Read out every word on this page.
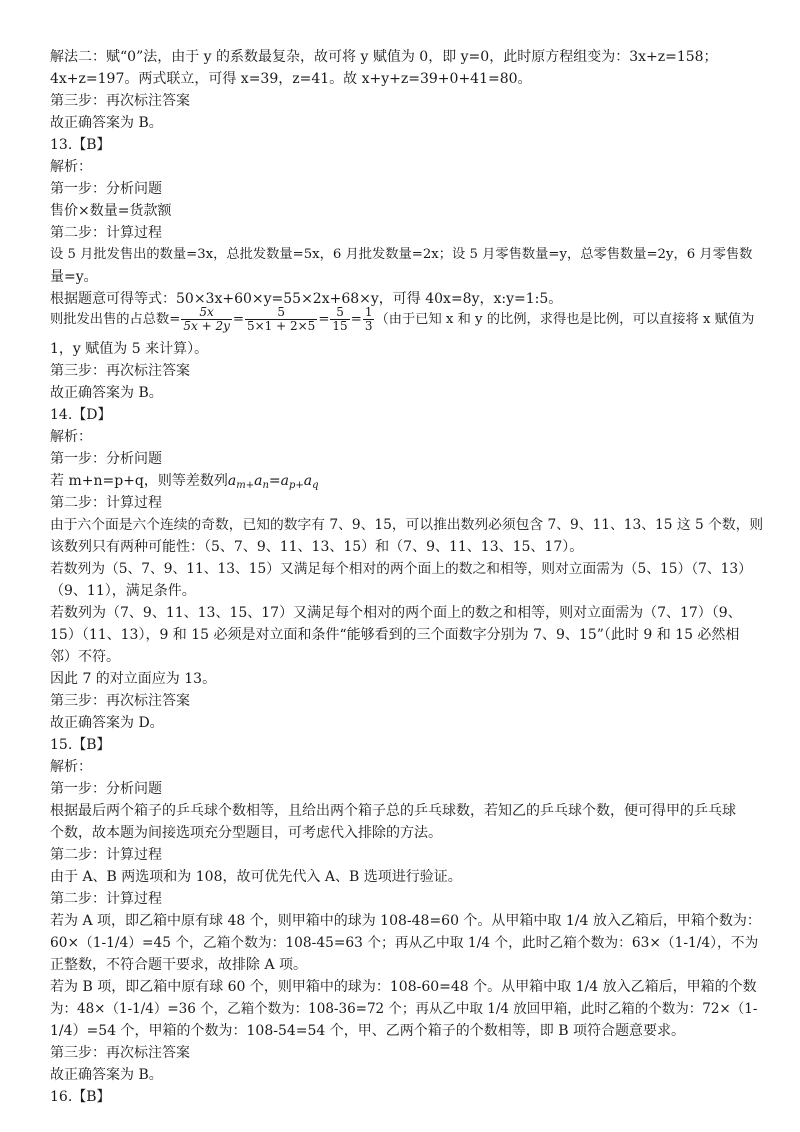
解法二：赋“0”法，由于 y 的系数最复杂，故可将 y 赋值为 0，即 y=0，此时原方程组变为：3x+z=158；
4x+z=197。两式联立，可得 x=39，z=41。故 x+y+z=39+0+41=80。
第三步：再次标注答案
故正确答案为 B。
13.【B】
解析：
第一步：分析问题
售价×数量=货款额
第二步：计算过程
设 5 月批发售出的数量=3x，总批发数量=5x，6 月批发数量=2x；设 5 月零售数量=y，总零售数量=2y，6 月零售数
量=y。
根据题意可得等式：50×3x+60×y=55×2x+68×y，可得 40x=8y，x:y=1:5。
则批发出售的占总数= $\frac{5x}{5x + 2y} = \frac{5}{5\times 1 + 2\times 5} = \frac{5}{15} = \frac{1}{3}$ （由于已知 x 和 y 的比例，求得也是比例，可以直接将 x 赋值为
1，y 赋值为 5 来计算）。
第三步：再次标注答案
故正确答案为 B。
14.【D】
解析：
第一步：分析问题
若 m+n=p+q，则等差数列$a_{m+}a_n=a_{p+}a_q$
第二步：计算过程
由于六个面是六个连续的奇数，已知的数字有 7、9、15，可以推出数列必须包含 7、9、11、13、15 这 5 个数，则
该数列只有两种可能性：（5、7、9、11、13、15）和（7、9、11、13、15、17）。
若数列为（5、7、9、11、13、15）又满足每个相对的两个面上的数之和相等，则对立面需为（5、15）（7、13）
（9、11），满足条件。
若数列为（7、9、11、13、15、17）又满足每个相对的两个面上的数之和相等，则对立面需为（7、17）（9、
15）（11、13），9 和 15 必须是对立面和条件“能够看到的三个面数字分别为 7、9、15”（此时 9 和 15 必然相
邻）不符。
因此 7 的对立面应为 13。
第三步：再次标注答案
故正确答案为 D。
15.【B】
解析：
第一步：分析问题
根据最后两个箱子的乒乓球个数相等，且给出两个箱子总的乒乓球数，若知乙的乒乓球个数，便可得甲的乒乓球
个数，故本题为间接选项充分型题目，可考虑代入排除的方法。
第二步：计算过程
由于 A、B 两选项和为 108，故可优先代入 A、B 选项进行验证。
第二步：计算过程
若为 A 项，即乙箱中原有球 48 个，则甲箱中的球为 108-48=60 个。从甲箱中取 1/4 放入乙箱后，甲箱个数为：
60×（1-1/4）=45 个，乙箱个数为：108-45=63 个；再从乙中取 1/4 个，此时乙箱个数为：63×（1-1/4），不为
正整数，不符合题干要求，故排除 A 项。
若为 B 项，即乙箱中原有球 60 个，则甲箱中的球为：108-60=48 个。从甲箱中取 1/4 放入乙箱后，甲箱的个数
为：48×（1-1/4）=36 个，乙箱个数为：108-36=72 个；再从乙中取 1/4 放回甲箱，此时乙箱的个数为：72×（1-
1/4）=54 个，甲箱的个数为：108-54=54 个，甲、乙两个箱子的个数相等，即 B 项符合题意要求。
第三步：再次标注答案
故正确答案为 B。
16.【B】
